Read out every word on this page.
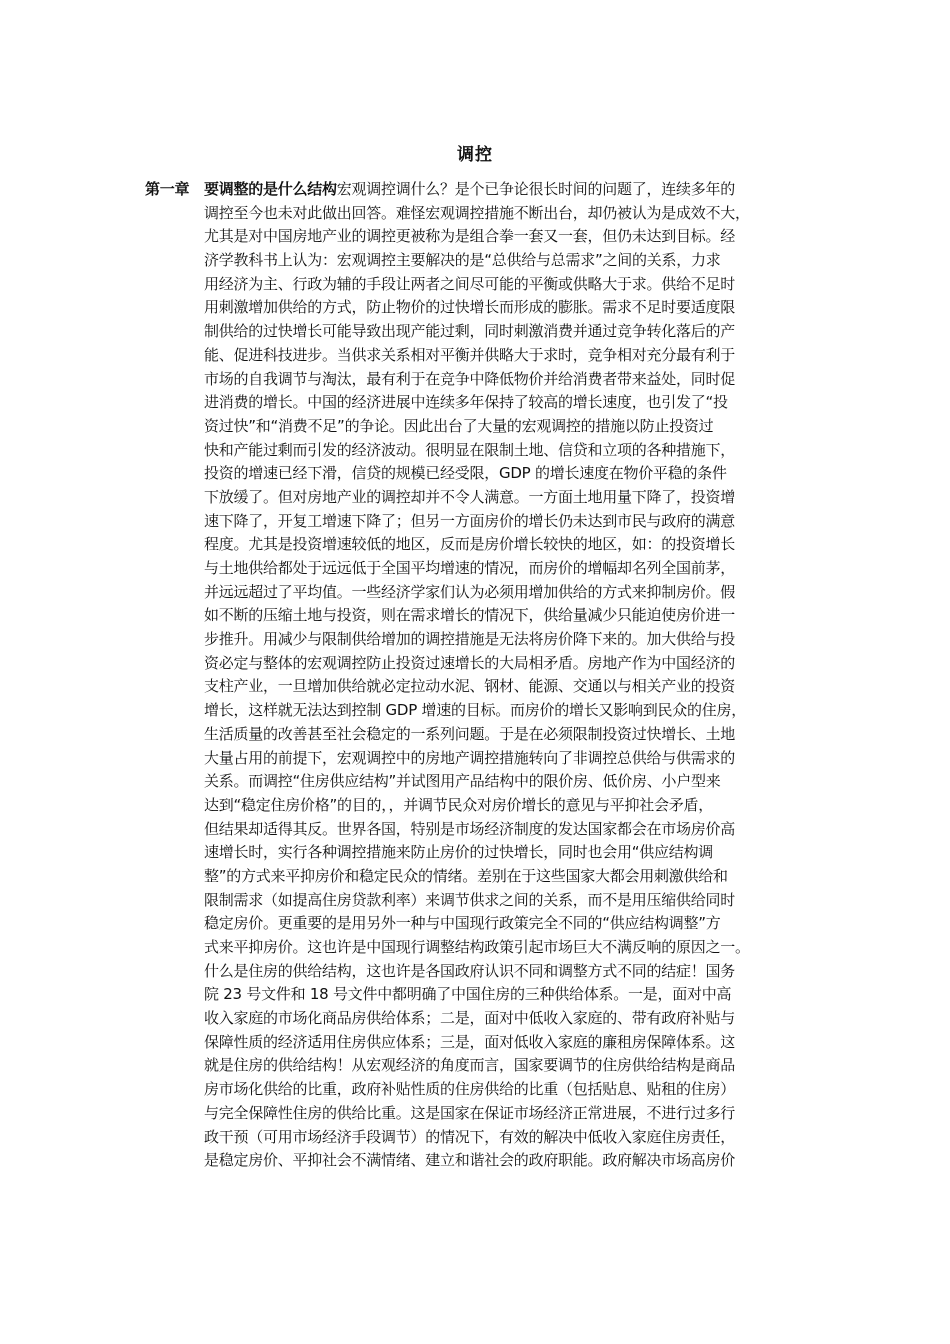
调控
第一章 要调整的是什么结构宏观调控调什么？是个已争论很长时间的问题了，连续多年的
调控至今也未对此做出回答。难怪宏观调控措施不断出台，却仍被认为是成效不大，
尤其是对中国房地产业的调控更被称为是组合拳一套又一套，但仍未达到目标。经
济学教科书上认为：宏观调控主要解决的是“总供给与总需求”之间的关系，力求
用经济为主、行政为辅的手段让两者之间尽可能的平衡或供略大于求。供给不足时
用刺激增加供给的方式，防止物价的过快增长而形成的膨胀。需求不足时要适度限
制供给的过快增长可能导致出现产能过剩，同时刺激消费并通过竞争转化落后的产
能、促进科技进步。当供求关系相对平衡并供略大于求时，竞争相对充分最有利于
市场的自我调节与淘汰，最有利于在竞争中降低物价并给消费者带来益处，同时促
进消费的增长。中国的经济进展中连续多年保持了较高的增长速度，也引发了“投
资过快”和“消费不足”的争论。因此出台了大量的宏观调控的措施以防止投资过
快和产能过剩而引发的经济波动。很明显在限制土地、信贷和立项的各种措施下，
投资的增速已经下滑，信贷的规模已经受限，GDP 的增长速度在物价平稳的条件
下放缓了。但对房地产业的调控却并不令人满意。一方面土地用量下降了，投资增
速下降了，开复工增速下降了；但另一方面房价的增长仍未达到市民与政府的满意
程度。尤其是投资增速较低的地区，反而是房价增长较快的地区，如：的投资增长
与土地供给都处于远远低于全国平均增速的情况，而房价的增幅却名列全国前茅，
并远远超过了平均值。一些经济学家们认为必须用增加供给的方式来抑制房价。假
如不断的压缩土地与投资，则在需求增长的情况下，供给量减少只能迫使房价进一
步推升。用减少与限制供给增加的调控措施是无法将房价降下来的。加大供给与投
资必定与整体的宏观调控防止投资过速增长的大局相矛盾。房地产作为中国经济的
支柱产业，一旦增加供给就必定拉动水泥、钢材、能源、交通以与相关产业的投资
增长，这样就无法达到控制 GDP 增速的目标。而房价的增长又影响到民众的住房，
生活质量的改善甚至社会稳定的一系列问题。于是在必须限制投资过快增长、土地
大量占用的前提下，宏观调控中的房地产调控措施转向了非调控总供给与供需求的
关系。而调控“住房供应结构”并试图用产品结构中的限价房、低价房、小户型来
达到“稳定住房价格”的目的，，并调节民众对房价增长的意见与平抑社会矛盾，
但结果却适得其反。世界各国，特别是市场经济制度的发达国家都会在市场房价高
速增长时，实行各种调控措施来防止房价的过快增长，同时也会用“供应结构调
整”的方式来平抑房价和稳定民众的情绪。差别在于这些国家大都会用刺激供给和
限制需求（如提高住房贷款利率）来调节供求之间的关系，而不是用压缩供给同时
稳定房价。更重要的是用另外一种与中国现行政策完全不同的“供应结构调整”方
式来平抑房价。这也许是中国现行调整结构政策引起市场巨大不满反响的原因之一。
什么是住房的供给结构，这也许是各国政府认识不同和调整方式不同的结症！国务
院 23 号文件和 18 号文件中都明确了中国住房的三种供给体系。一是，面对中高
收入家庭的市场化商品房供给体系；二是，面对中低收入家庭的、带有政府补贴与
保障性质的经济适用住房供应体系；三是，面对低收入家庭的廉租房保障体系。这
就是住房的供给结构！从宏观经济的角度而言，国家要调节的住房供给结构是商品
房市场化供给的比重，政府补贴性质的住房供给的比重（包括贴息、贴租的住房）
与完全保障性住房的供给比重。这是国家在保证市场经济正常进展，不进行过多行
政干预（可用市场经济手段调节）的情况下，有效的解决中低收入家庭住房责任，
是稳定房价、平抑社会不满情绪、建立和谐社会的政府职能。政府解决市场高房价
